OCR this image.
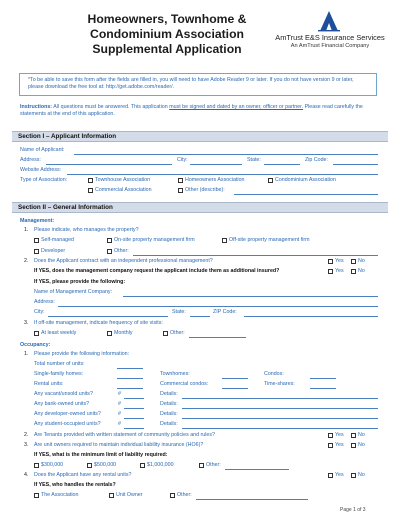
Homeowners, Townhome &
Condominium Association
Supplemental Application
AmTrust E&S Insurance Services
An AmTrust Financial Company
*To be able to save this form after the fields are filled in, you will need to have Adobe Reader 9 or later. If you do not have version 9 or later, please download the free tool at: http://get.adobe.com/reader/.
Instructions: All questions must be answered. This application must be signed and dated by an owner, officer or partner. Please read carefully the statements at the end of this application.
Section I – Applicant Information
Name of Applicant:
Address:	City:	State:	Zip Code:
Website Address:
Type of Association:	Townhouse Association	Homeowners Association	Condominium Association
Commercial Association	Other (describe):
Section II – General Information
Management:
1. Please indicate, who manages the property?
Self-managed	On-site property management firm	Off-site property management firm
Developer	Other:
2. Does the Applicant contract with an independent professional management?	Yes	No
If YES, does the management company request the applicant include them as additional insured?	Yes	No
If YES, please provide the following:
Name of Management Company:
Address:
City:	State:	ZIP Code:
3. If off-site management, indicate frequency of site visits:
At least weekly	Monthly	Other:
Occupancy:
1. Please provide the following information:
Total number of units:
Single-family homes:	Townhomes:	Condos:
Rental units:	Commercial condos:	Time-shares:
Any vacant/unsold units?	#	Details:
Any bank-owned units?	#	Details:
Any developer-owned units?	#	Details:
Any student-occupied units?	#	Details:
2. Are Tenants provided with written statement of community policies and rules?	Yes	No
3. Are unit owners required to maintain individual liability insurance (HO6)?	Yes	No
If YES, what is the minimum limit of liability required:
$300,000	$500,000	$1,000,000	Other:
4. Does the Applicant have any rental units?	Yes	No
If YES, who handles the rentals?
The Association	Unit Owner	Other:
Page 1 of 3
